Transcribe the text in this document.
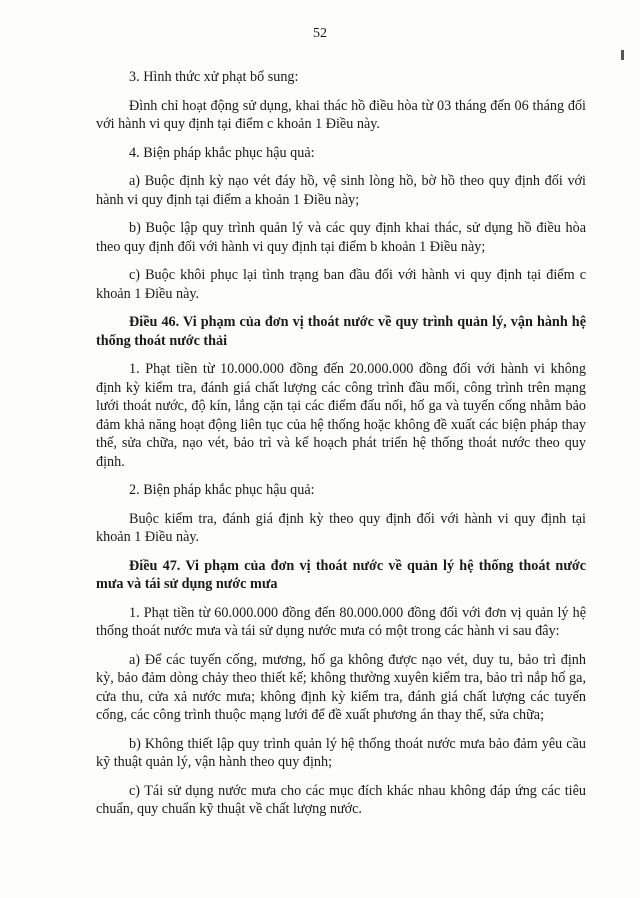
52

3. Hình thức xử phạt bổ sung:

Đình chỉ hoạt động sử dụng, khai thác hồ điều hòa từ 03 tháng đến 06 tháng đối với hành vi quy định tại điểm c khoản 1 Điều này.

4. Biện pháp khắc phục hậu quả:

a) Buộc định kỳ nạo vét đáy hồ, vệ sinh lòng hồ, bờ hồ theo quy định đối với hành vi quy định tại điểm a khoản 1 Điều này;

b) Buộc lập quy trình quản lý và các quy định khai thác, sử dụng hồ điều hòa theo quy định đối với hành vi quy định tại điểm b khoản 1 Điều này;

c) Buộc khôi phục lại tình trạng ban đầu đối với hành vi quy định tại điểm c khoản 1 Điều này.

Điều 46. Vi phạm của đơn vị thoát nước về quy trình quản lý, vận hành hệ thống thoát nước thải

1. Phạt tiền từ 10.000.000 đồng đến 20.000.000 đồng đối với hành vi không định kỳ kiểm tra, đánh giá chất lượng các công trình đầu mối, công trình trên mạng lưới thoát nước, độ kín, lắng cặn tại các điểm đấu nối, hố ga và tuyến cống nhằm bảo đảm khả năng hoạt động liên tục của hệ thống hoặc không đề xuất các biện pháp thay thế, sửa chữa, nạo vét, bảo trì và kế hoạch phát triển hệ thống thoát nước theo quy định.

2. Biện pháp khắc phục hậu quả:

Buộc kiểm tra, đánh giá định kỳ theo quy định đối với hành vi quy định tại khoản 1 Điều này.

Điều 47. Vi phạm của đơn vị thoát nước về quản lý hệ thống thoát nước mưa và tái sử dụng nước mưa

1. Phạt tiền từ 60.000.000 đồng đến 80.000.000 đồng đối với đơn vị quản lý hệ thống thoát nước mưa và tái sử dụng nước mưa có một trong các hành vi sau đây:

a) Để các tuyến cống, mương, hố ga không được nạo vét, duy tu, bảo trì định kỳ, bảo đảm dòng chảy theo thiết kế; không thường xuyên kiểm tra, bảo trì nắp hố ga, cửa thu, cửa xả nước mưa; không định kỳ kiểm tra, đánh giá chất lượng các tuyến cống, các công trình thuộc mạng lưới để đề xuất phương án thay thế, sửa chữa;

b) Không thiết lập quy trình quản lý hệ thống thoát nước mưa bảo đảm yêu cầu kỹ thuật quản lý, vận hành theo quy định;

c) Tái sử dụng nước mưa cho các mục đích khác nhau không đáp ứng các tiêu chuẩn, quy chuẩn kỹ thuật về chất lượng nước.
